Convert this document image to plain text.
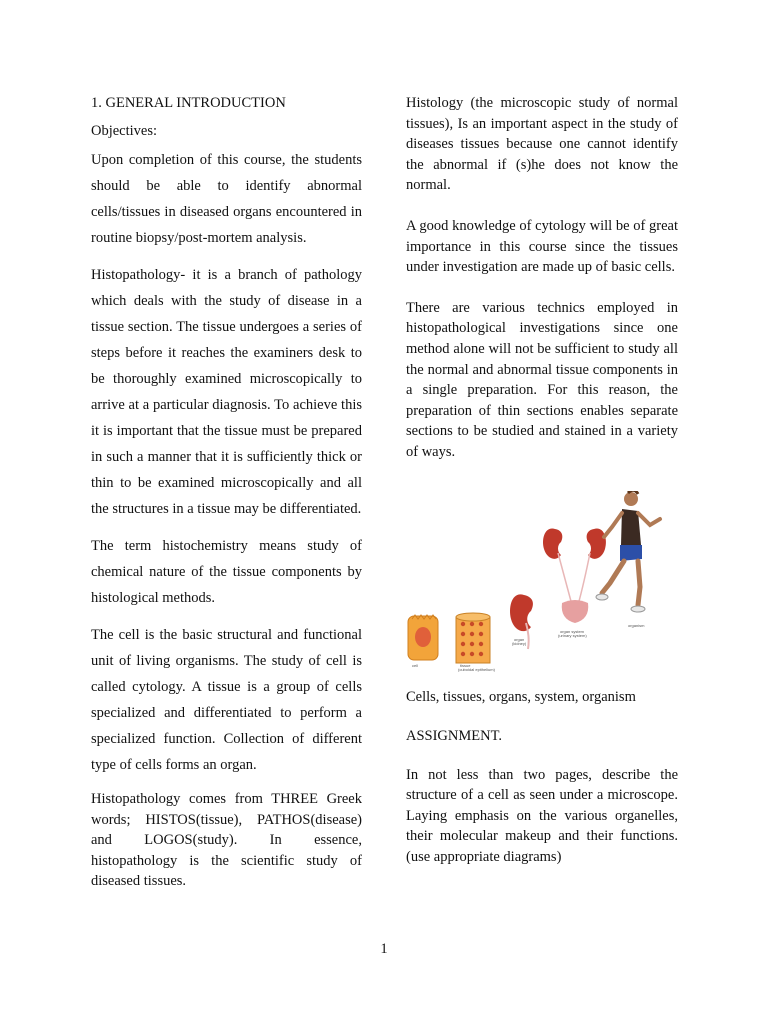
1. GENERAL INTRODUCTION

Objectives:

Upon completion of this course, the students should be able to identify abnormal cells/tissues in diseased organs encountered in routine biopsy/post-mortem analysis.

Histopathology- it is a branch of pathology which deals with the study of disease in a tissue section. The tissue undergoes a series of steps before it reaches the examiners desk to be thoroughly examined microscopically to arrive at a particular diagnosis. To achieve this it is important that the tissue must be prepared in such a manner that it is sufficiently thick or thin to be examined microscopically and all the structures in a tissue may be differentiated.

The term histochemistry means study of chemical nature of the tissue components by histological methods.

The cell is the basic structural and functional unit of living organisms. The study of cell is called cytology. A tissue is a group of cells specialized and differentiated to perform a specialized function. Collection of different type of cells forms an organ.

Histopathology comes from THREE Greek words; HISTOS(tissue), PATHOS(disease) and LOGOS(study). In essence, histopathology is the scientific study of diseased tissues.

Histology (the microscopic study of normal tissues), Is an important aspect in the study of diseases tissues because one cannot identify the abnormal if (s)he does not know the normal.

A good knowledge of cytology will be of great importance in this course since the tissues under investigation are made up of basic cells.

There are various technics employed in histopathological investigations since one method alone will not be sufficient to study all the normal and abnormal tissue components in a single preparation. For this reason, the preparation of thin sections enables separate sections to be studied and stained in a variety of ways.

cell	tissue
(cuboidal epithelium)
organ
(kidney)
organ system
(urinary system)
organism

Cells, tissues, organs, system, organism

ASSIGNMENT.

In not less than two pages, describe the structure of a cell as seen under a microscope. Laying emphasis on the various organelles, their molecular makeup and their functions. (use appropriate diagrams)

1
